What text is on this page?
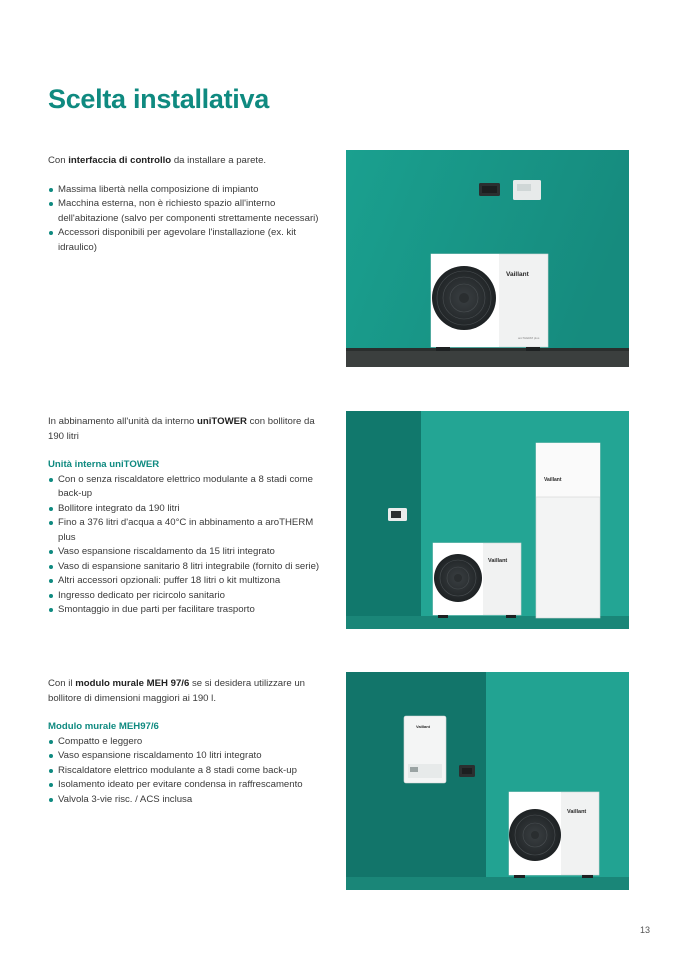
Scelta installativa

Con interfaccia di controllo da installare a parete.

Massima libertà nella composizione di impianto
Macchina esterna, non è richiesto spazio all'interno dell'abitazione (salvo per componenti strettamente necessari)
Accessori disponibili per agevolare l'installazione (ex. kit idraulico)
Vaillant
aroTHERM plus

In abbinamento all'unità da interno uniTOWER con bollitore da 190 litri

Unità interna uniTOWER

Con o senza riscaldatore elettrico modulante a 8 stadi come back-up
Bollitore integrato da 190 litri
Fino a 376 litri d'acqua a 40°C in abbinamento a aroTHERM plus
Vaso espansione riscaldamento da 15 litri integrato
Vaso di espansione sanitario 8 litri integrabile (fornito di serie)
Altri accessori opzionali: puffer 18 litri o kit multizona
Ingresso dedicato per ricircolo sanitario
Smontaggio in due parti per facilitare trasporto
Vaillant
Vaillant

Con il modulo murale MEH 97/6 se si desidera utilizzare un bollitore di dimensioni maggiori ai 190 l.

Modulo murale MEH97/6

Compatto e leggero
Vaso espansione riscaldamento 10 litri integrato
Riscaldatore elettrico modulante a 8 stadi come back-up
Isolamento ideato per evitare condensa in raffrescamento
Valvola 3-vie risc. / ACS inclusa
Vaillant
Vaillant
13
